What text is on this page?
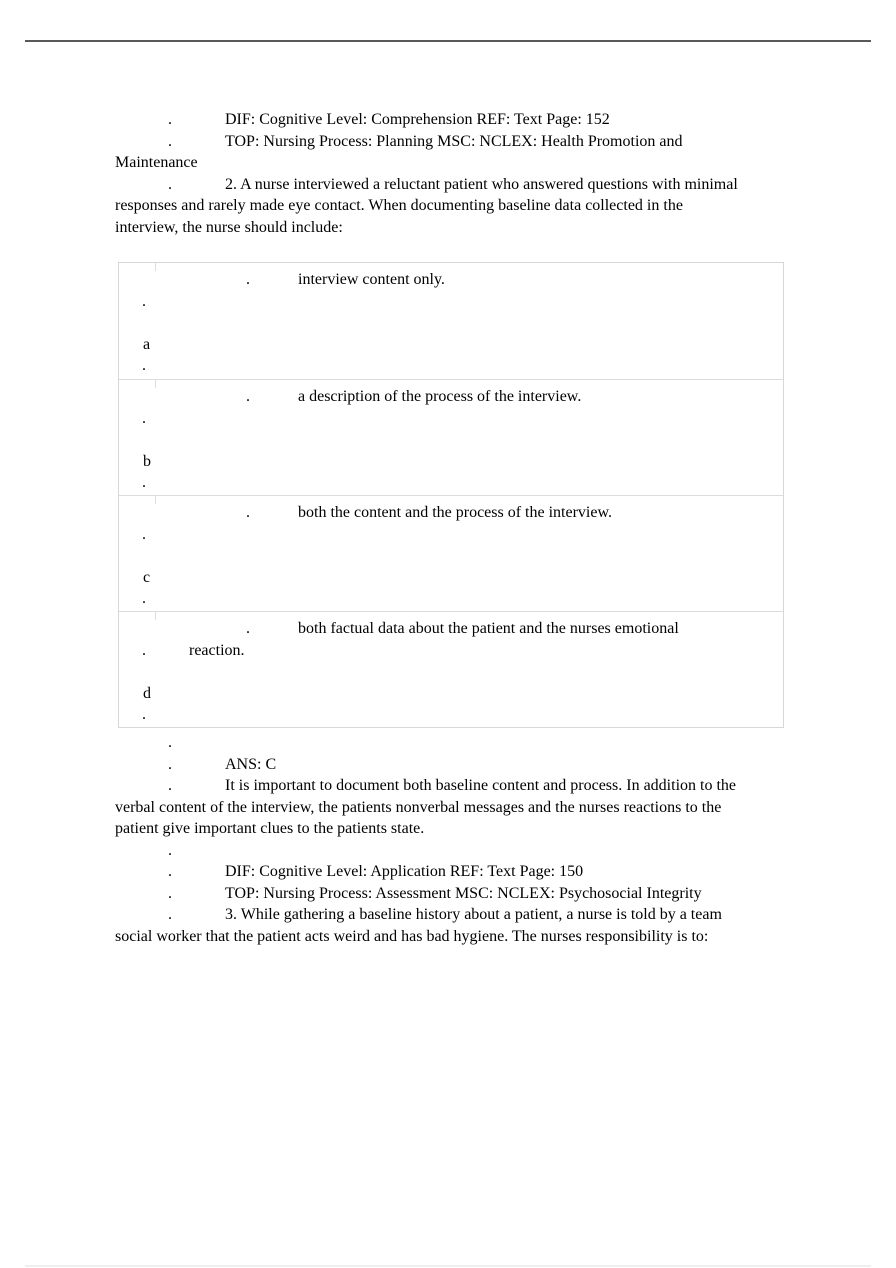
.	DIF: Cognitive Level: Comprehension REF: Text Page: 152
.	TOP: Nursing Process: Planning MSC: NCLEX: Health Promotion and
Maintenance
.	2. A nurse interviewed a reluctant patient who answered questions with minimal
responses and rarely made eye contact. When documenting baseline data collected in the
interview, the nurse should include:
.	interview content only.
.
a
.
.	a description of the process of the interview.
.
b
.
.	both the content and the process of the interview.
.
c
.
.	both factual data about the patient and the nurses emotional
.	reaction.
d
.
.
.	ANS: C
.	It is important to document both baseline content and process. In addition to the
verbal content of the interview, the patients nonverbal messages and the nurses reactions to the
patient give important clues to the patients state.
.
.	DIF: Cognitive Level: Application REF: Text Page: 150
.	TOP: Nursing Process: Assessment MSC: NCLEX: Psychosocial Integrity
.	3. While gathering a baseline history about a patient, a nurse is told by a team
social worker that the patient acts weird and has bad hygiene. The nurses responsibility is to:
